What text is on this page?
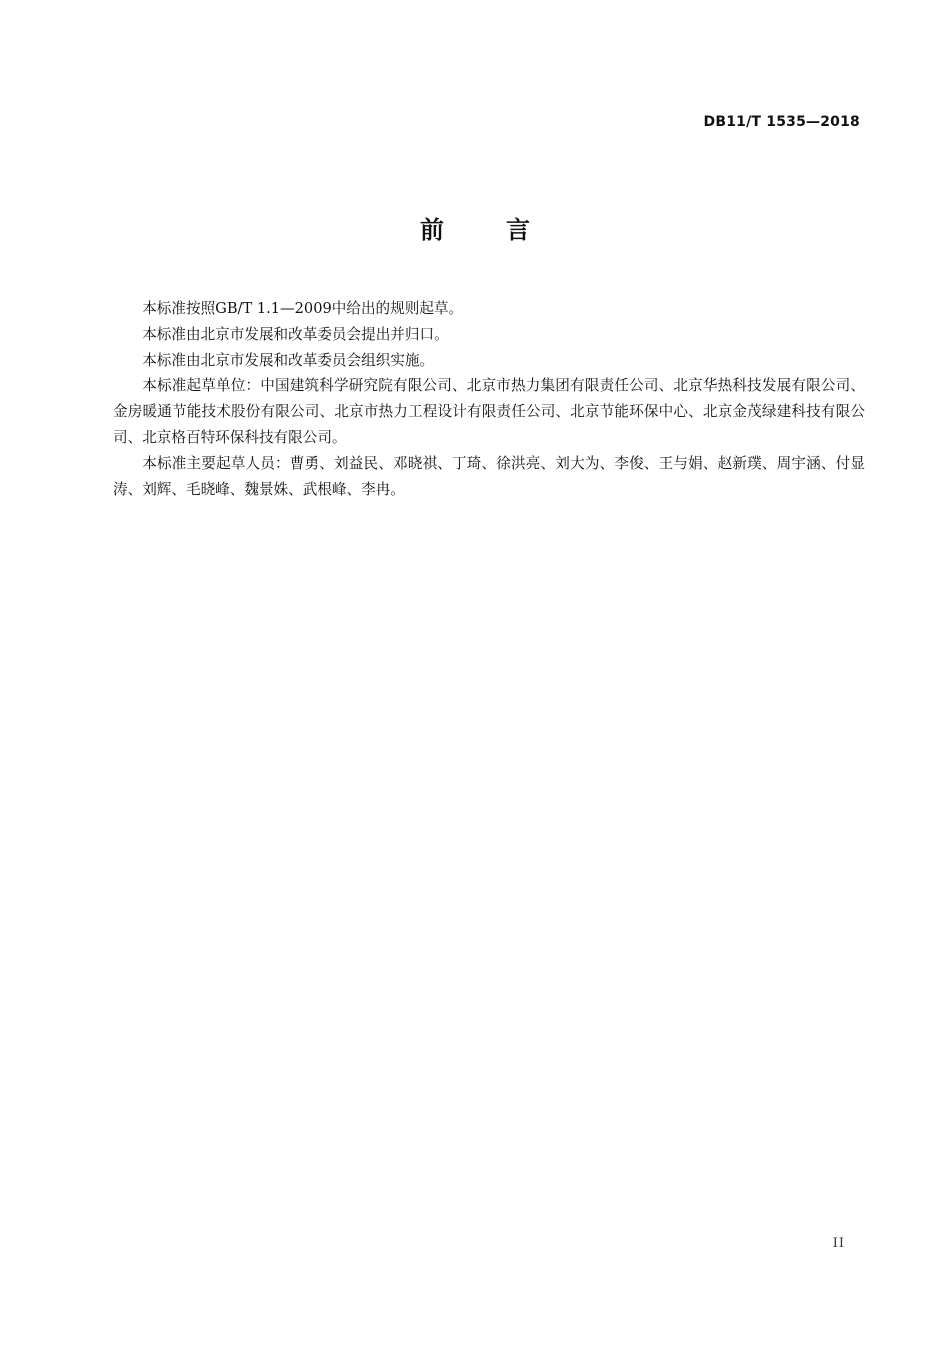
DB11/T 1535—2018
前	言

本标准按照GB/T 1.1—2009中给出的规则起草。

本标准由北京市发展和改革委员会提出并归口。

本标准由北京市发展和改革委员会组织实施。

本标准起草单位：中国建筑科学研究院有限公司、北京市热力集团有限责任公司、北京华热科技发展有限公司、金房暖通节能技术股份有限公司、北京市热力工程设计有限责任公司、北京节能环保中心、北京金茂绿建科技有限公司、北京格百特环保科技有限公司。

本标准主要起草人员：曹勇、刘益民、邓晓祺、丁琦、徐洪亮、刘大为、李俊、王与娟、赵新璞、周宇涵、付显涛、刘辉、毛晓峰、魏景姝、武根峰、李冉。

II
